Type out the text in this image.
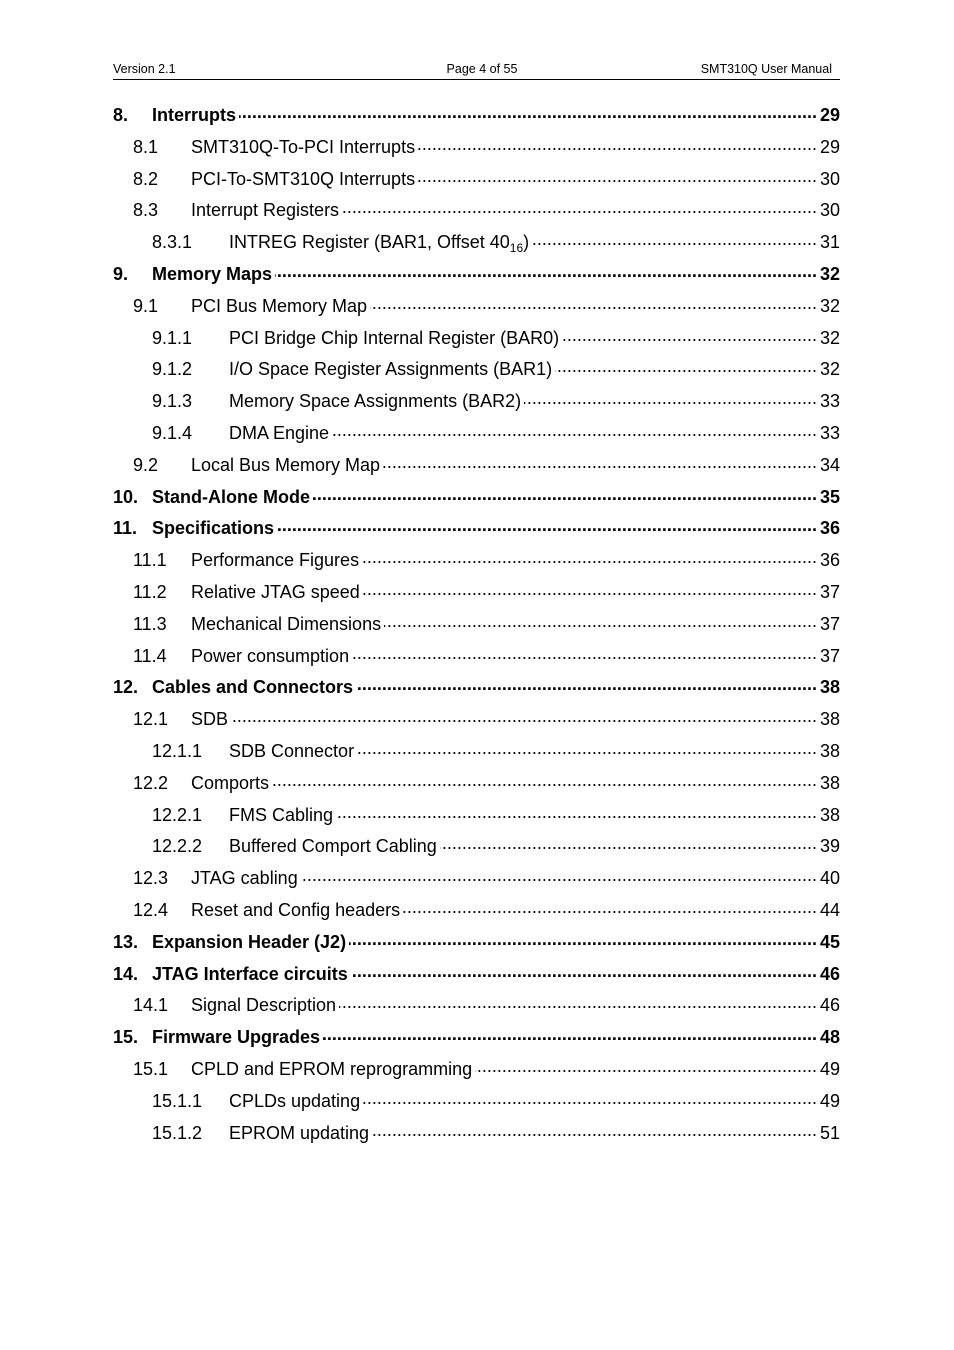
Version 2.1	Page 4 of 55	SMT310Q User Manual
8.	Interrupts .....	29
8.1	SMT310Q-To-PCI Interrupts .....	29
8.2	PCI-To-SMT310Q Interrupts .....	30
8.3	Interrupt Registers .....	30
8.3.1	INTREG Register (BAR1, Offset $40_{16}$) .....	31
9.	Memory Maps .....	32
9.1	PCI Bus Memory Map .....	32
9.1.1	PCI Bridge Chip Internal Register (BAR0) .....	32
9.1.2	I/O Space Register Assignments (BAR1) .....	32
9.1.3	Memory Space Assignments (BAR2) .....	33
9.1.4	DMA Engine .....	33
9.2	Local Bus Memory Map .....	34
10. Stand-Alone Mode .....	35
11. Specifications .....	36
11.1	Performance Figures .....	36
11.2	Relative JTAG speed .....	37
11.3	Mechanical Dimensions .....	37
11.4	Power consumption .....	37
12. Cables and Connectors .....	38
12.1	SDB .....	38
12.1.1	SDB Connector .....	38
12.2	Comports .....	38
12.2.1	FMS Cabling .....	38
12.2.2	Buffered Comport Cabling .....	39
12.3	JTAG cabling .....	40
12.4	Reset and Config headers .....	44
13. Expansion Header (J2) .....	45
14. JTAG Interface circuits .....	46
14.1	Signal Description .....	46
15. Firmware Upgrades .....	48
15.1	CPLD and EPROM reprogramming .....	49
15.1.1	CPLDs updating .....	49
15.1.2	EPROM updating .....	51
